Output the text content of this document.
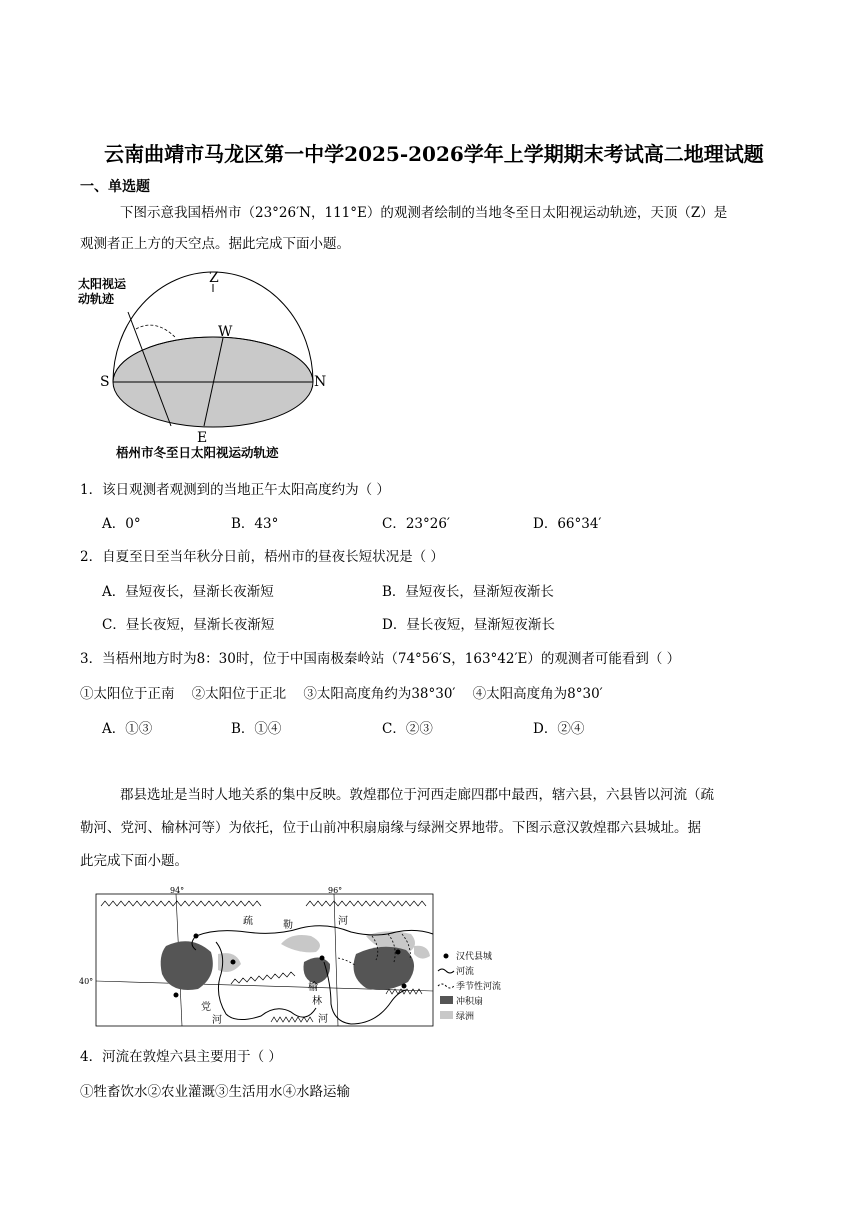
云南曲靖市马龙区第一中学2025-2026学年上学期期末考试高二地理试题
一、单选题
下图示意我国梧州市（23°26′N，111°E）的观测者绘制的当地冬至日太阳视运动轨迹，天顶（Z）是
观测者正上方的天空点。据此完成下面小题。
太阳视运
动轨迹
Z
W
S	N
E
梧州市冬至日太阳视运动轨迹
1．该日观测者观测到的当地正午太阳高度约为（ ）
A．0°	B．43°	C．23°26′	D．66°34′
2．自夏至日至当年秋分日前，梧州市的昼夜长短状况是（ ）
A．昼短夜长，昼渐长夜渐短	B．昼短夜长，昼渐短夜渐长
C．昼长夜短，昼渐长夜渐短	D．昼长夜短，昼渐短夜渐长
3．当梧州地方时为8：30时，位于中国南极秦岭站（74°56′S，163°42′E）的观测者可能看到（ ）
①太阳位于正南    ②太阳位于正北    ③太阳高度角约为38°30′    ④太阳高度角为8°30′
A．①③	B．①④	C．②③	D．②④
郡县选址是当时人地关系的集中反映。敦煌郡位于河西走廊四郡中最西，辖六县，六县皆以河流（疏
勒河、党河、榆林河等）为依托，位于山前冲积扇扇缘与绿洲交界地带。下图示意汉敦煌郡六县城址。据
此完成下面小题。
94°	96°
40°
疏	勒	河
党
河
榆
林
河
汉代县城
河流
季节性河流
冲积扇
绿洲
4．河流在敦煌六县主要用于（ ）
①牲畜饮水②农业灌溉③生活用水④水路运输
